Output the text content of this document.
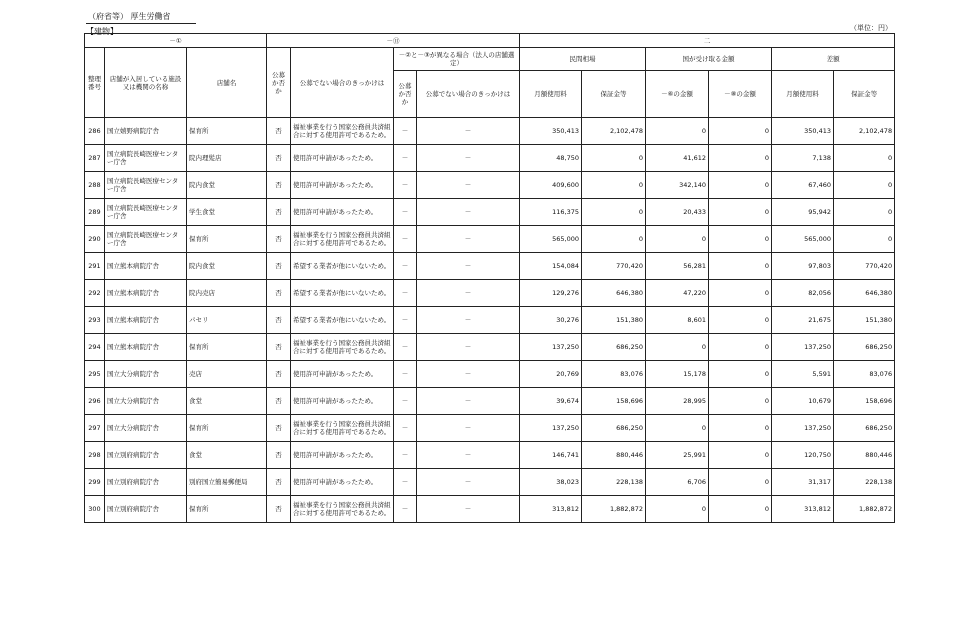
（府省等） 厚生労働省
【建物】	（単位：円）
－①			－⑪				二					
整理番号	店舗が入居している施設又は機関の名称	店舗名	公募か否か	公募でない場合のきっかけは	－②と－③が異なる場合（法人の店舗選定）		民間相場		国が受け取る金額		差額	
					公募か否か	公募でない場合のきっかけは	月額使用料	保証金等	－⑥の金額	－⑧の金額	月額使用料	保証金等
286	国立嬉野病院庁舎	保育所	否	福祉事業を行う国家公務員共済組合に対する使用許可であるため。	－	－	350,413	2,102,478	0	0	350,413	2,102,478
287	国立病院長崎医療センター庁舎	院内理髪店	否	使用許可申請があったため。	－	－	48,750	0	41,612	0	7,138	0
288	国立病院長崎医療センター庁舎	院内食堂	否	使用許可申請があったため。	－	－	409,600	0	342,140	0	67,460	0
289	国立病院長崎医療センター庁舎	学生食堂	否	使用許可申請があったため。	－	－	116,375	0	20,433	0	95,942	0
290	国立病院長崎医療センター庁舎	保育所	否	福祉事業を行う国家公務員共済組合に対する使用許可であるため。	－	－	565,000	0	0	0	565,000	0
291	国立熊本病院庁舎	院内食堂	否	希望する業者が他にいないため。	－	－	154,084	770,420	56,281	0	97,803	770,420
292	国立熊本病院庁舎	院内売店	否	希望する業者が他にいないため。	－	－	129,276	646,380	47,220	0	82,056	646,380
293	国立熊本病院庁舎	パセリ	否	希望する業者が他にいないため。	－	－	30,276	151,380	8,601	0	21,675	151,380
294	国立熊本病院庁舎	保育所	否	福祉事業を行う国家公務員共済組合に対する使用許可であるため。	－	－	137,250	686,250	0	0	137,250	686,250
295	国立大分病院庁舎	売店	否	使用許可申請があったため。	－	－	20,769	83,076	15,178	0	5,591	83,076
296	国立大分病院庁舎	食堂	否	使用許可申請があったため。	－	－	39,674	158,696	28,995	0	10,679	158,696
297	国立大分病院庁舎	保育所	否	福祉事業を行う国家公務員共済組合に対する使用許可であるため。	－	－	137,250	686,250	0	0	137,250	686,250
298	国立別府病院庁舎	食堂	否	使用許可申請があったため。	－	－	146,741	880,446	25,991	0	120,750	880,446
299	国立別府病院庁舎	別府国立簡易郵便局	否	使用許可申請があったため。	－	－	38,023	228,138	6,706	0	31,317	228,138
300	国立別府病院庁舎	保育所	否	福祉事業を行う国家公務員共済組合に対する使用許可であるため。	－	－	313,812	1,882,872	0	0	313,812	1,882,872
